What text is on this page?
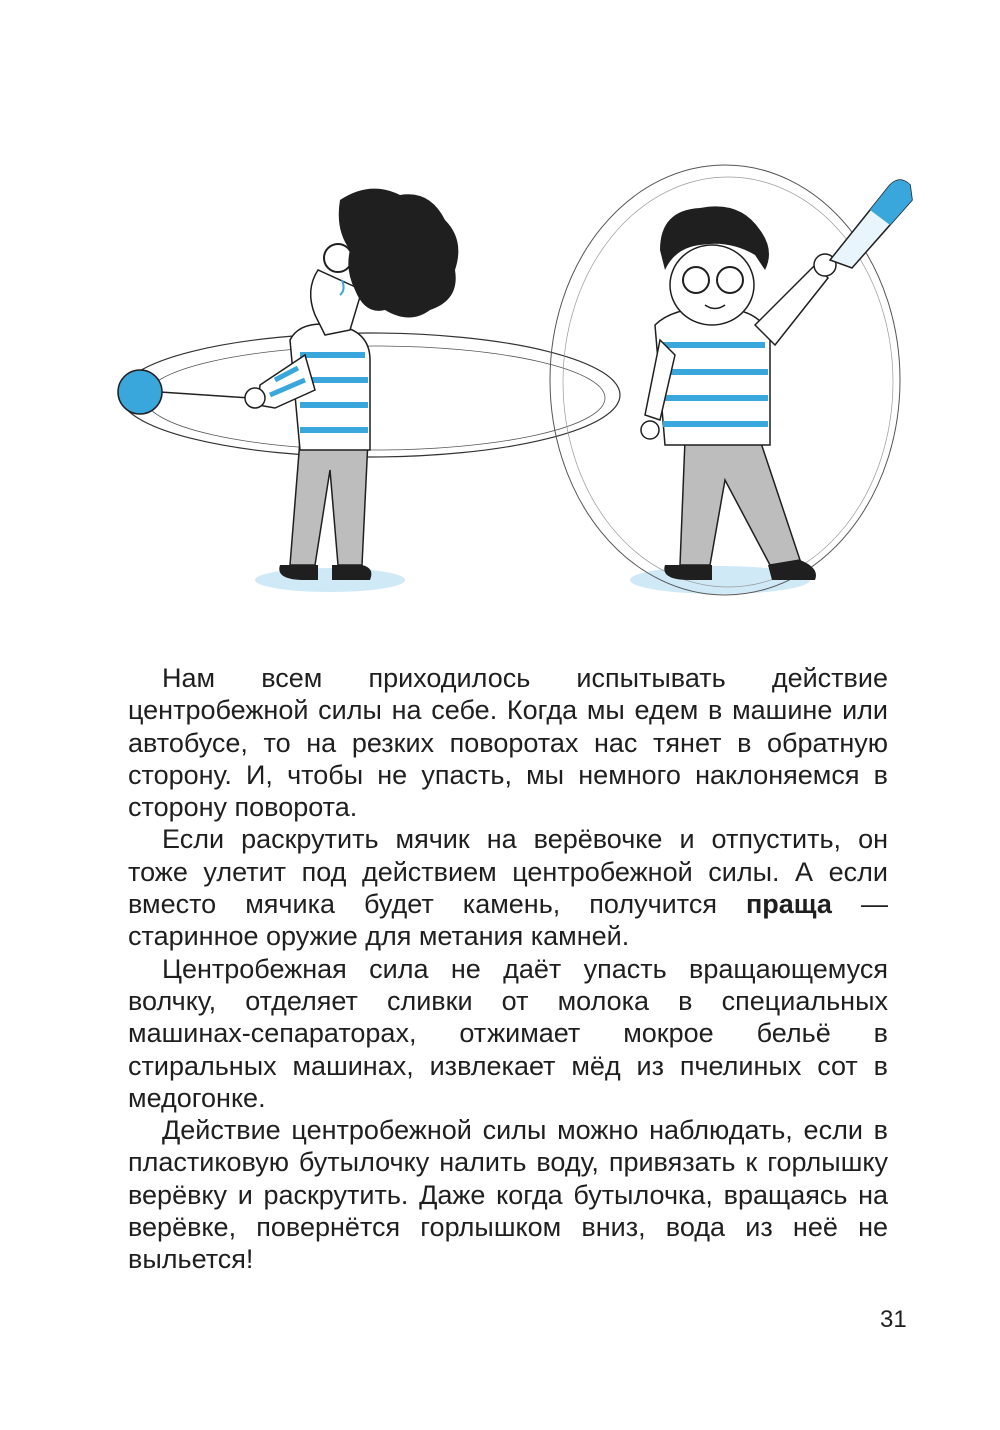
Нам всем приходилось испытывать действие центробежной силы на себе. Когда мы едем в машине или автобусе, то на резких поворотах нас тянет в обратную сторону. И, чтобы не упасть, мы немного наклоняемся в сторону поворота.

Если раскрутить мячик на верёвочке и отпустить, он тоже улетит под действием центробежной силы. А если вместо мячика будет камень, получится праща — старинное оружие для метания камней.

Центробежная сила не даёт упасть вращающемуся волчку, отделяет сливки от молока в специальных машинах-сепараторах, отжимает мокрое бельё в стиральных машинах, извлекает мёд из пчелиных сот в медогонке.

Действие центробежной силы можно наблюдать, если в пластиковую бутылочку налить воду, привязать к горлышку верёвку и раскрутить. Даже когда бутылочка, вращаясь на верёвке, повернётся горлышком вниз, вода из неё не выльется!

31
